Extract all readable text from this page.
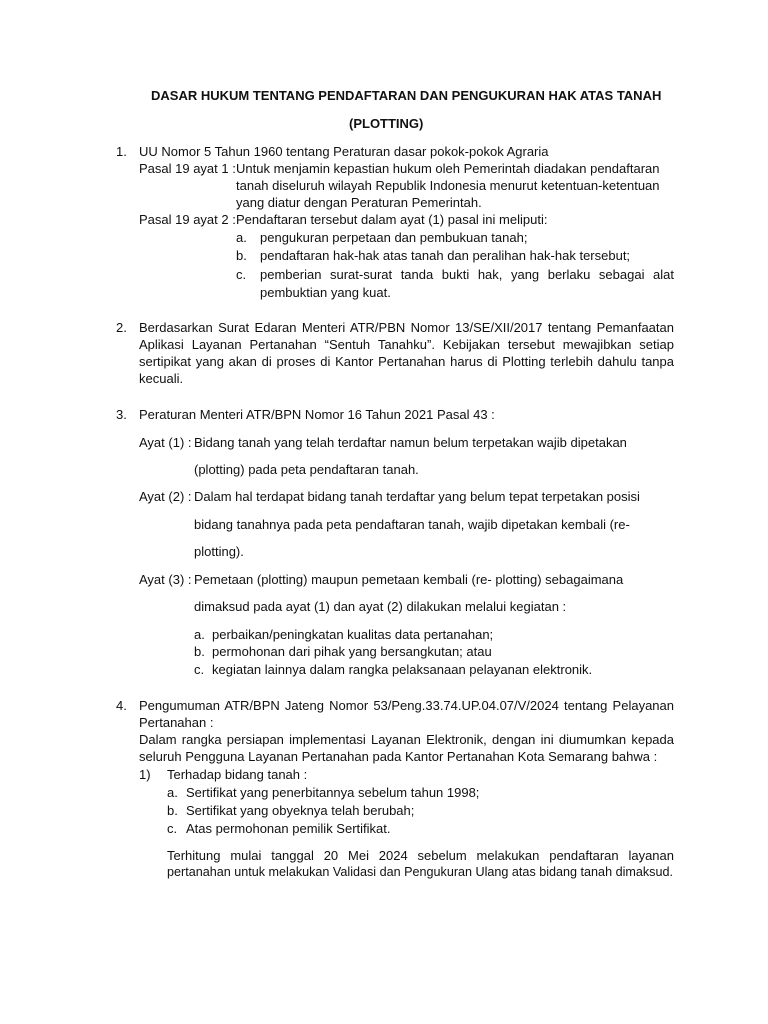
DASAR HUKUM TENTANG PENDAFTARAN DAN PENGUKURAN HAK ATAS TANAH
(PLOTTING)
1. UU Nomor 5 Tahun 1960 tentang Peraturan dasar pokok-pokok Agraria
Pasal 19 ayat 1 : Untuk menjamin kepastian hukum oleh Pemerintah diadakan pendaftaran
tanah diseluruh wilayah Republik Indonesia menurut ketentuan-ketentuan
yang diatur dengan Peraturan Pemerintah.
Pasal 19 ayat 2 : Pendaftaran tersebut dalam ayat (1) pasal ini meliputi:
a. pengukuran perpetaan dan pembukuan tanah;
b. pendaftaran hak-hak atas tanah dan peralihan hak-hak tersebut;
c. pemberian surat-surat tanda bukti hak, yang berlaku sebagai alat
pembuktian yang kuat.
2. Berdasarkan Surat Edaran Menteri ATR/PBN Nomor 13/SE/XII/2017 tentang Pemanfaatan
Aplikasi Layanan Pertanahan “Sentuh Tanahku”. Kebijakan tersebut mewajibkan setiap
sertipikat yang akan di proses di Kantor Pertanahan harus di Plotting terlebih dahulu tanpa
kecuali.
3. Peraturan Menteri ATR/BPN Nomor 16 Tahun 2021 Pasal 43 :
Ayat (1) : Bidang tanah yang telah terdaftar namun belum terpetakan wajib dipetakan
(plotting) pada peta pendaftaran tanah.
Ayat (2) : Dalam hal terdapat bidang tanah terdaftar yang belum tepat terpetakan posisi
bidang tanahnya pada peta pendaftaran tanah, wajib dipetakan kembali (re-
plotting).
Ayat (3) : Pemetaan (plotting) maupun pemetaan kembali (re- plotting) sebagaimana
dimaksud pada ayat (1) dan ayat (2) dilakukan melalui kegiatan :
a. perbaikan/peningkatan kualitas data pertanahan;
b. permohonan dari pihak yang bersangkutan; atau
c. kegiatan lainnya dalam rangka pelaksanaan pelayanan elektronik.
4. Pengumuman ATR/BPN Jateng Nomor 53/Peng.33.74.UP.04.07/V/2024 tentang Pelayanan
Pertanahan :
Dalam rangka persiapan implementasi Layanan Elektronik, dengan ini diumumkan kepada
seluruh Pengguna Layanan Pertanahan pada Kantor Pertanahan Kota Semarang bahwa :
1) Terhadap bidang tanah :
a. Sertifikat yang penerbitannya sebelum tahun 1998;
b. Sertifikat yang obyeknya telah berubah;
c. Atas permohonan pemilik Sertifikat.
Terhitung mulai tanggal 20 Mei 2024 sebelum melakukan pendaftaran layanan
pertanahan untuk melakukan Validasi dan Pengukuran Ulang atas bidang tanah dimaksud.
